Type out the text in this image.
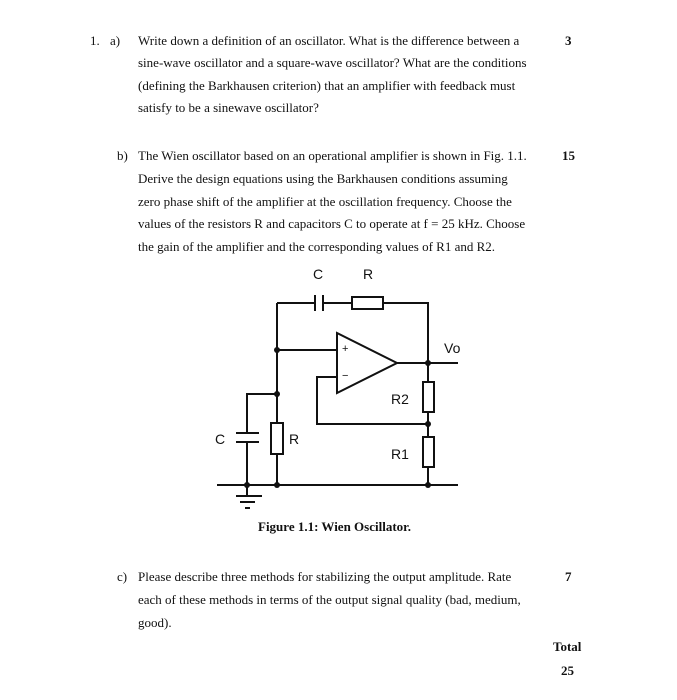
1. a) Write down a definition of an oscillator. What is the difference between a
sine-wave oscillator and a square-wave oscillator? What are the conditions
(defining the Barkhausen criterion) that an amplifier with feedback must
satisfy to be a sinewave oscillator?
3
b) The Wien oscillator based on an operational amplifier is shown in Fig. 1.1.
Derive the design equations using the Barkhausen conditions assuming
zero phase shift of the amplifier at the oscillation frequency. Choose the
values of the resistors R and capacitors C to operate at f = 25 kHz. Choose
the gain of the amplifier and the corresponding values of R1 and R2.
15
C	R
+
−
Vo
R2
R1
C	R
Figure 1.1: Wien Oscillator.
c) Please describe three methods for stabilizing the output amplitude. Rate
each of these methods in terms of the output signal quality (bad, medium,
good).
7
Total
25
